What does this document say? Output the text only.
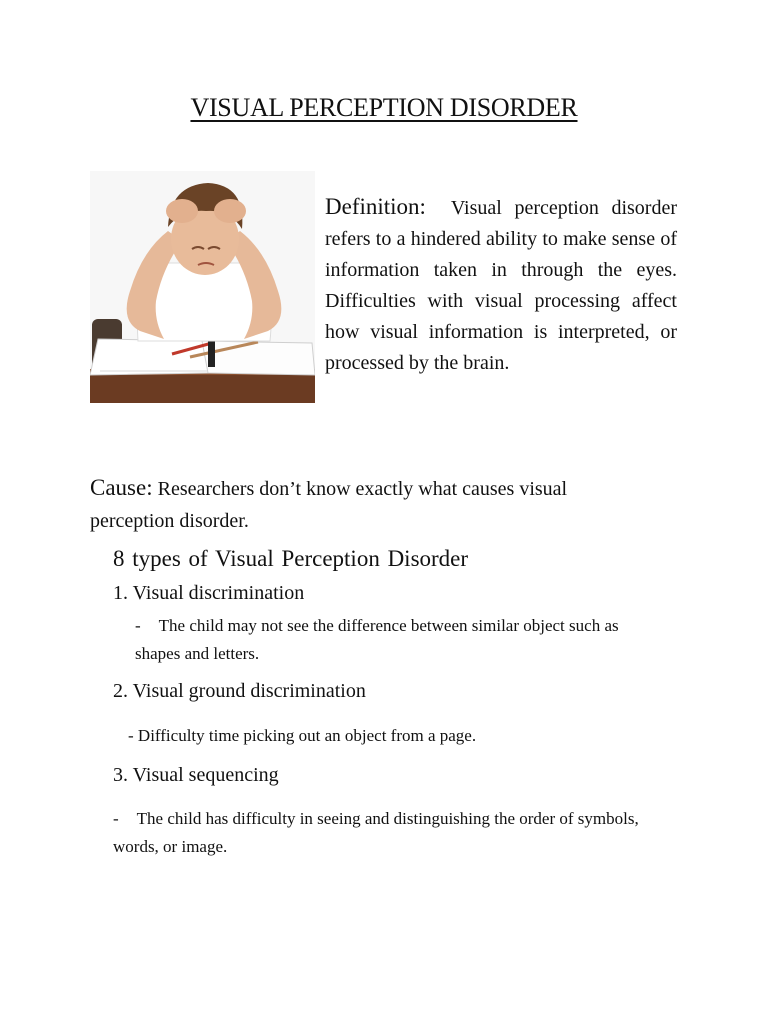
VISUAL PERCEPTION DISORDER
Definition: Visual perception disorder refers to a hindered ability to make sense of information taken in through the eyes. Difficulties with visual processing affect how visual information is interpreted, or processed by the brain.
Cause: Researchers don’t know exactly what causes visual perception disorder.
8 types of Visual Perception Disorder
1. Visual discrimination
- The child may not see the difference between similar object such as shapes and letters.
2. Visual ground discrimination
- Difficulty time picking out an object from a page.
3. Visual sequencing
- The child has difficulty in seeing and distinguishing the order of symbols, words, or image.
